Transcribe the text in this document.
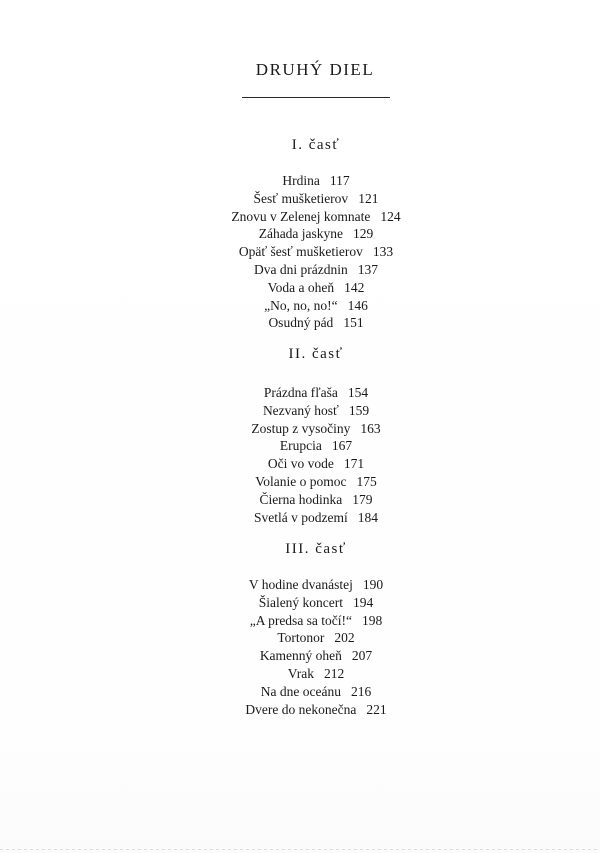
DRUHÝ DIEL
I. časť
Hrdina 117
Šesť mušketierov 121
Znovu v Zelenej komnate 124
Záhada jaskyne 129
Opäť šesť mušketierov 133
Dva dni prázdnin 137
Voda a oheň 142
„No, no, no!“ 146
Osudný pád 151
II. časť
Prázdna fľaša 154
Nezvaný hosť 159
Zostup z vysočiny 163
Erupcia 167
Oči vo vode 171
Volanie o pomoc 175
Čierna hodinka 179
Svetlá v podzemí 184
III. časť
V hodine dvanástej 190
Šialený koncert 194
„A predsa sa točí!“ 198
Tortonor 202
Kamenný oheň 207
Vrak 212
Na dne oceánu 216
Dvere do nekonečna 221
